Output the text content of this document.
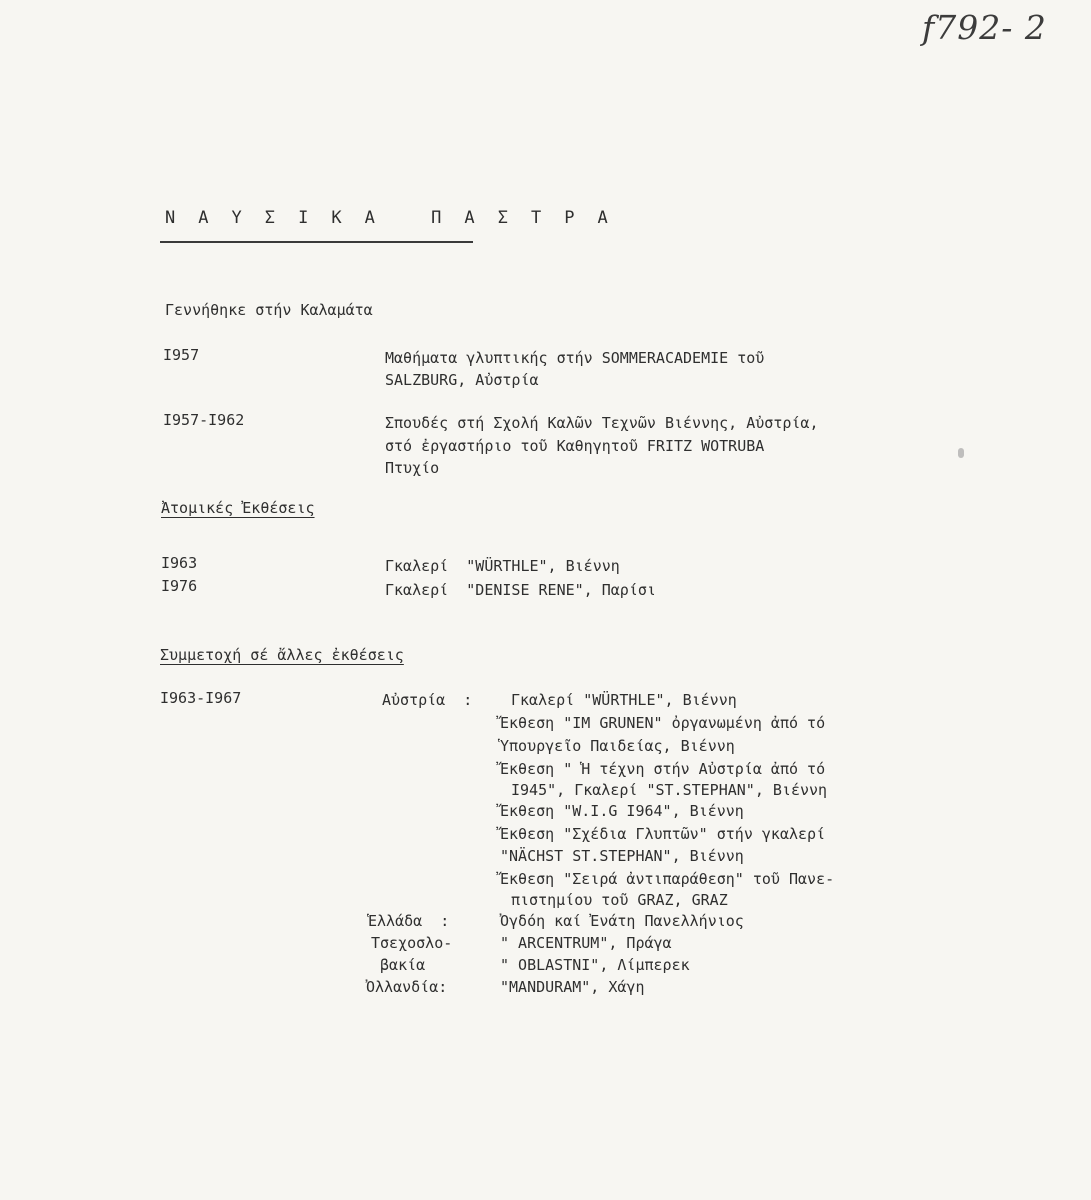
f792- 2
Ν Α Υ Σ Ι Κ Α   Π Α Σ Τ Ρ Α
Γεννήθηκε στήν Καλαμάτα
I957	Μαθήματα γλυπτικής στήν SOMMERACADEMIE τοῦ
SALZBURG, Αὐστρία
I957-I962	Σπουδές στή Σχολή Καλῶν Τεχνῶν Βιέννης, Αὐστρία,
στό ἐργαστήριο τοῦ Καθηγητοῦ FRITZ WOTRUBA
Πτυχίο
Ἀτομικές Ἐκθέσεις
I963	Γκαλερί  "WÜRTHLE", Βιέννη
I976	Γκαλερί  "DENISE RENE", Παρίσι
Συμμετοχή σέ ἄλλες ἐκθέσεις
I963-I967	Αὐστρία  :	Γκαλερί "WÜRTHLE", Βιέννη
Ἔκθεση "IM GRUNEN" ὀργανωμένη ἀπό τό
Ὑπουργεῖο Παιδείας, Βιέννη
Ἔκθεση " Ἡ τέχνη στήν Αὐστρία ἀπό τό
I945", Γκαλερί "ST.STEPHAN", Βιέννη
Ἔκθεση "W.I.G I964", Βιέννη
Ἔκθεση "Σχέδια Γλυπτῶν" στήν γκαλερί
"NÄCHST ST.STEPHAN", Βιέννη
Ἔκθεση "Σειρά ἀντιπαράθεση" τοῦ Πανε-
πιστημίου τοῦ GRAZ, GRAZ
Ἑλλάδα  :	Ὀγδόη καί Ἐνάτη Πανελλήνιος
Τσεχοσλο-	" ARCENTRUM", Πράγα
βακία	" OBLASTNI", Λίμπερεκ
Ὀλλανδία:	"MANDURAM", Χάγη
